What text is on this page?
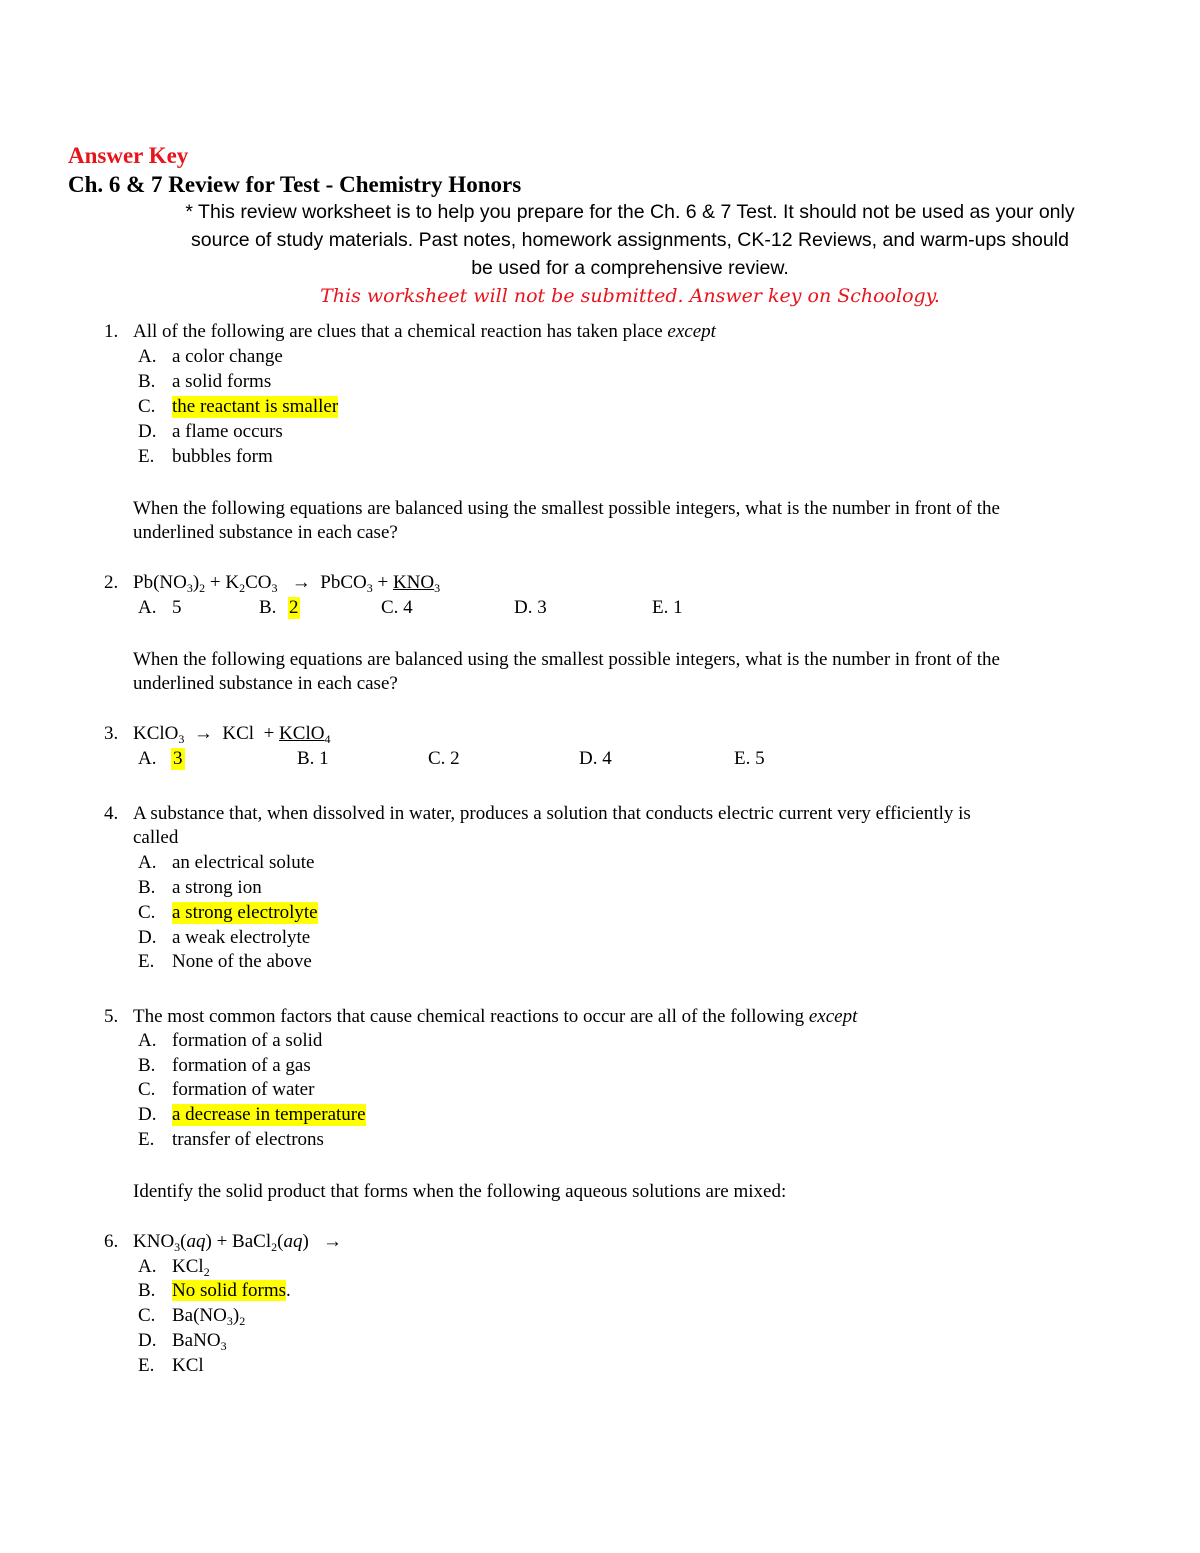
Answer Key
Ch. 6 & 7 Review for Test - Chemistry Honors
* This review worksheet is to help you prepare for the Ch. 6 & 7 Test. It should not be used as your only
source of study materials. Past notes, homework assignments, CK-12 Reviews, and warm-ups should
be used for a comprehensive review.
This worksheet will not be submitted. Answer key on Schoology.
1. All of the following are clues that a chemical reaction has taken place except
A. a color change
B. a solid forms
C. the reactant is smaller
D. a flame occurs
E. bubbles form
When the following equations are balanced using the smallest possible integers, what is the number in front of the
underlined substance in each case?
2. $Pb(NO_3)_2 + K_2CO_3$ → PbCO$_3$ + $KNO_3$
A. 5	B. 2	C. 4	D. 3	E. 1
When the following equations are balanced using the smallest possible integers, what is the number in front of the
underlined substance in each case?
3. KClO$_3$ → KCl  + KClO$_4$
A. 3	B. 1	C. 2	D. 4	E. 5
4. A substance that, when dissolved in water, produces a solution that conducts electric current very efficiently is
called
A. an electrical solute
B. a strong ion
C. a strong electrolyte
D. a weak electrolyte
E. None of the above
5. The most common factors that cause chemical reactions to occur are all of the following except
A. formation of a solid
B. formation of a gas
C. formation of water
D. a decrease in temperature
E. transfer of electrons
Identify the solid product that forms when the following aqueous solutions are mixed:
6. $KNO_3(aq)$ + BaCl$_2$(aq) →
A. KCl$_2$
B. No solid forms.
C. $Ba(NO_3)_2$
D. BaNO$_3$
E. KCl
